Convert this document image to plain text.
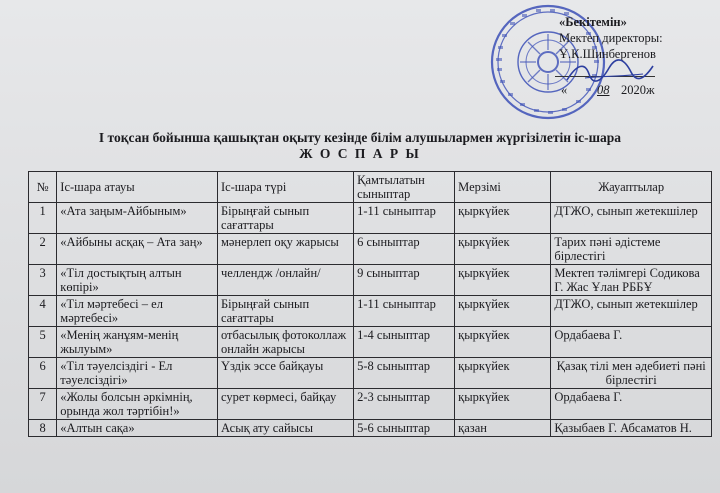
«Бекітемін»
Мектеп директоры:
Ұ.К.Шинбергенов
« 08 2020ж
І тоқсан бойынша қашықтан оқыту кезінде білім алушылармен жүргізілетін іс-шара
Ж О С П А Р Ы
№	Іс-шара атауы	Іс-шара түрі	Қамтылатын сыныптар	Мерзімі	Жауаптылар
1	«Ата заңым-Айбыным»	Бірыңғай сынып сағаттары	1-11 сыныптар	қыркүйек	ДТЖО, сынып жетекшілер
2	«Айбыны асқақ – Ата заң»	мәнерлеп оқу жарысы	6 сыныптар	қыркүйек	Тарих пәні әдістеме бірлестігі
3	«Тіл достықтың алтын көпірі»	челлендж /онлайн/	9 сыныптар	қыркүйек	Мектеп тәлімгері Содикова Г. Жас Ұлан РББҰ
4	«Тіл мәртебесі – ел мәртебесі»	Бірыңғай сынып сағаттары	1-11 сыныптар	қыркүйек	ДТЖО, сынып жетекшілер
5	«Менің жанұям-менің жылуым»	отбасылық фотоколлаж онлайн жарысы	1-4 сыныптар	қыркүйек	Ордабаева Г.
6	«Тіл тәуелсіздігі - Ел тәуелсіздігі»	Үздік эссе байқауы	5-8 сыныптар	қыркүйек	Қазақ тілі мен әдебиеті пәні бірлестігі
7	«Жолы болсын әркімнің, орында жол тәртібін!»	сурет көрмесі, байқау	2-3 сыныптар	қыркүйек	Ордабаева Г.
8	«Алтын сақа»	Асық ату сайысы	5-6 сыныптар	қазан	Қазыбаев Г. Абсаматов Н.
